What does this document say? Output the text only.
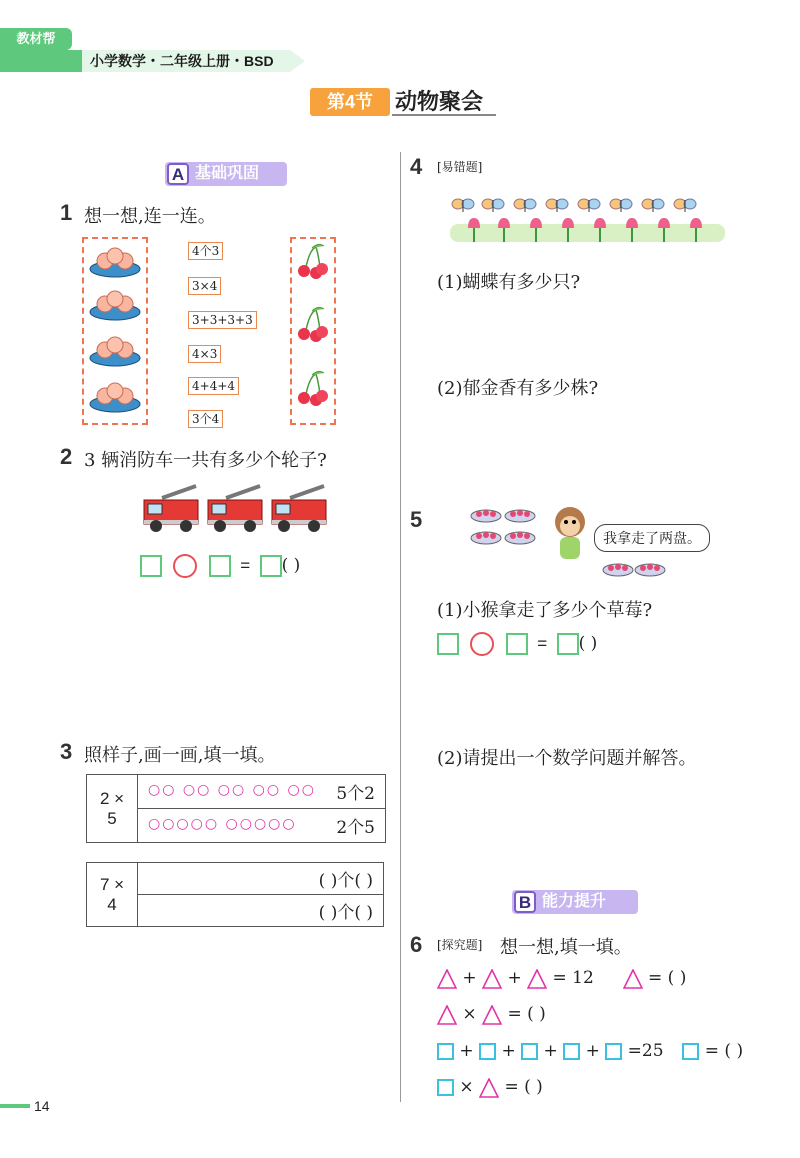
教材帮
小学数学・二年级上册・BSD
第4节	动物聚会
A 基础巩固
1 想一想,连一连。
4个3
3×4
3+3+3+3
4×3
4+4+4
3个4
2 3 辆消防车一共有多少个轮子?
= ( )
3 照样子,画一画,填一填。
2 × 5	○○ ○○ ○○ ○○ ○○ 5个2

○○○○○ ○○○○○ 2个5
7 × 4	( )个( )
( )个( )
4 [易错题]
(1)蝴蝶有多少只?
(2)郁金香有多少株?
5
我拿走了两盘。
(1)小猴拿走了多少个草莓?
= ( )
(2)请提出一个数学问题并解答。
B 能力提升
6 [探究题] 想一想,填一填。
+ + = 12	= ( )
× = ( )
+ + + + =25 = ( )
× = ( )
14
